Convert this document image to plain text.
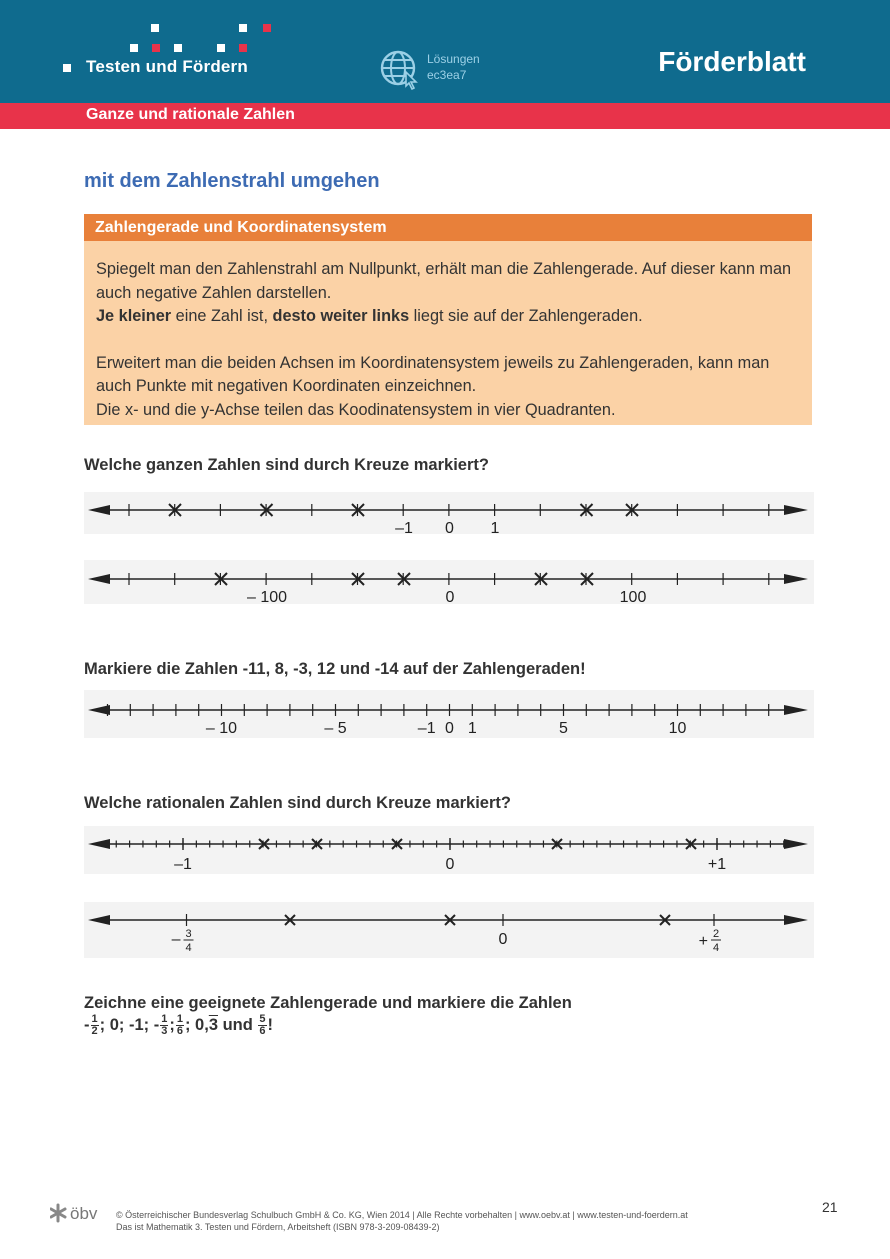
Testen und Fördern	Lösungen
ec3ea7	Förderblatt
Ganze und rationale Zahlen
mit dem Zahlenstrahl umgehen
Zahlengerade und Koordinatensystem

Spiegelt man den Zahlenstrahl am Nullpunkt, erhält man die Zahlengerade. Auf dieser kann man auch negative Zahlen darstellen.

Je kleiner eine Zahl ist, desto weiter links liegt sie auf der Zahlengeraden.

Erweitert man die beiden Achsen im Koordinatensystem jeweils zu Zahlengeraden, kann man auch Punkte mit negativen Koordinaten einzeichnen.

Die x- und die y-Achse teilen das Koodinatensystem in vier Quadranten.

Welche ganzen Zahlen sind durch Kreuze markiert?
–1 0 1
– 100	0	100
Markiere die Zahlen -11, 8, -3, 12 und -14 auf der Zahlengeraden!
– 10	– 5	–1 0 1	5	10
Welche rationalen Zahlen sind durch Kreuze markiert?
–1	0	+1
– 3
4	0	+ 2
4
Zeichne eine geeignete Zahlengerade und markiere die Zahlen
- $\frac{1}{2}$ ; 0; -1; - $\frac{1}{3}$ ; $\frac{1}{6}$ ; 0,3 und $\frac{5}{6}$ !
öbv © Österreichischer Bundesverlag Schulbuch GmbH & Co. KG, Wien 2014 | Alle Rechte vorbehalten | www.oebv.at | www.testen-und-foerdern.at
Das ist Mathematik 3. Testen und Fördern, Arbeitsheft (ISBN 978-3-209-08439-2)
21
